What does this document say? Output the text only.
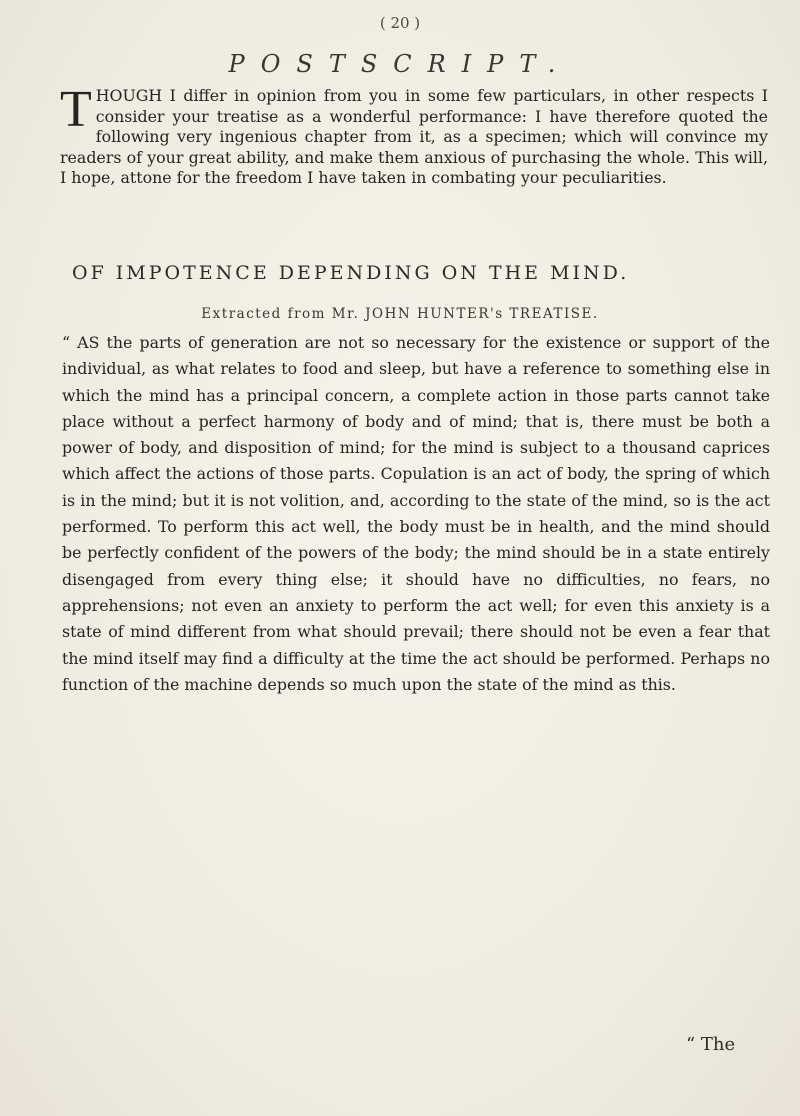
( 20 )
POSTSCRIPT.
T HOUGH I differ in opinion from you in some few particulars, in other respects I consider your treatise as a wonderful performance: I have therefore quoted the following very ingenious chapter from it, as a specimen; which will convince my readers of your great ability, and make them anxious of purchasing the whole. This will, I hope, attone for the freedom I have taken in combating your peculiarities.
OF IMPOTENCE DEPENDING ON THE MIND.
Extracted from Mr. JOHN HUNTER's TREATISE.
“ AS the parts of generation are not so necessary for the existence or support of the individual, as what relates to food and sleep, but have a reference to something else in which the mind has a principal concern, a complete action in those parts cannot take place without a perfect harmony of body and of mind; that is, there must be both a power of body, and disposition of mind; for the mind is subject to a thousand caprices which affect the actions of those parts. Copulation is an act of body, the spring of which is in the mind; but it is not volition, and, according to the state of the mind, so is the act performed. To perform this act well, the body must be in health, and the mind should be perfectly confident of the powers of the body; the mind should be in a state entirely disengaged from every thing else; it should have no difficulties, no fears, no apprehensions; not even an anxiety to perform the act well; for even this anxiety is a state of mind different from what should prevail; there should not be even a fear that the mind itself may find a difficulty at the time the act should be performed. Perhaps no function of the machine depends so much upon the state of the mind as this.
“ The
